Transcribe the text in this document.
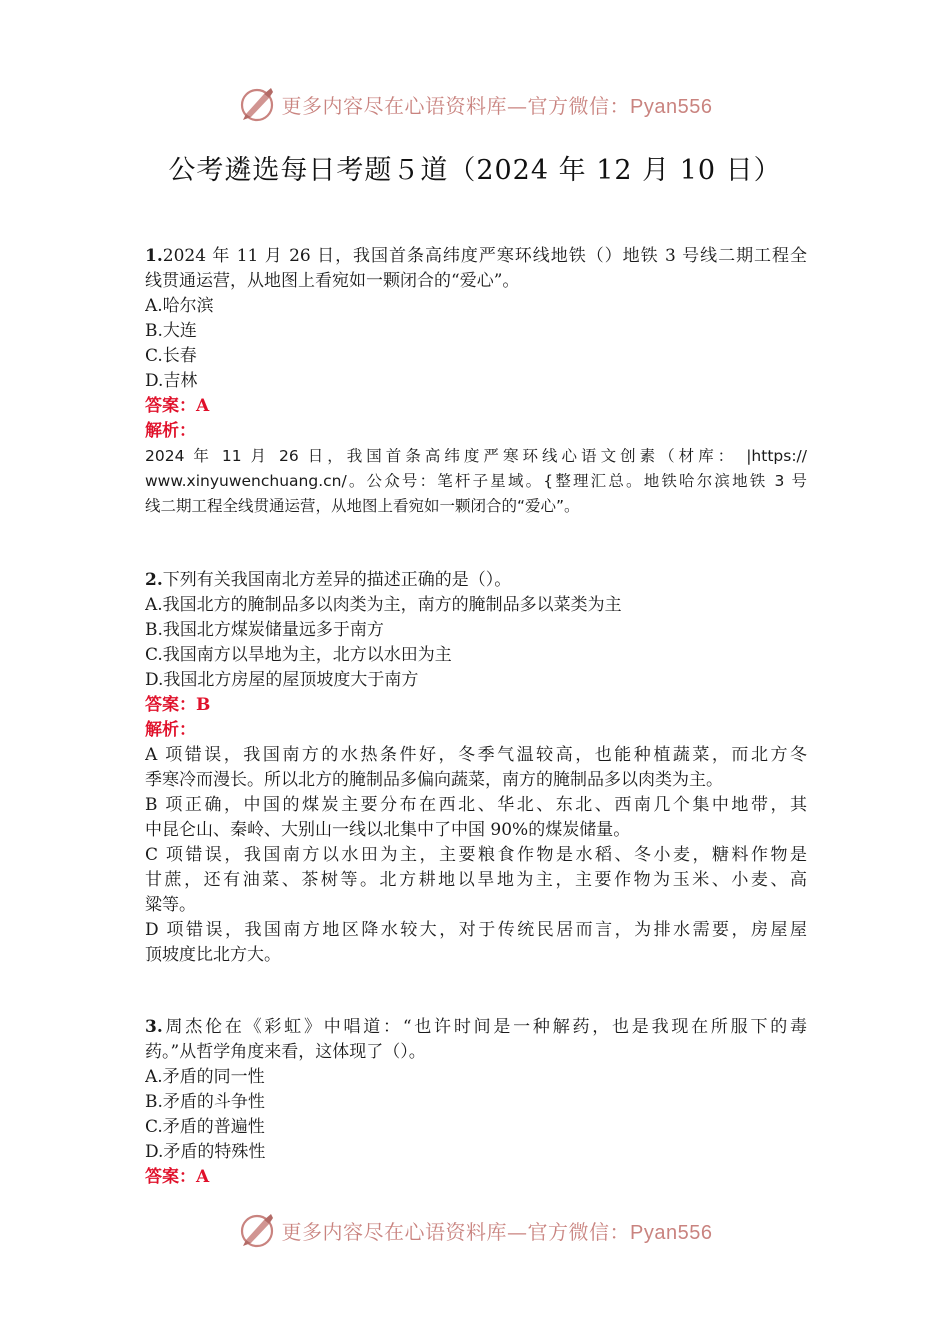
更多内容尽在心语资料库—官方微信：Pyan556
公考遴选每日考题５道（2024 年 12 月 10 日）
1.2024 年 11 月 26 日，我国首条高纬度严寒环线地铁（）地铁 3 号线二期工程全
线贯通运营，从地图上看宛如一颗闭合的“爱心”。
A.哈尔滨
B.大连
C.长春
D.吉林
答案：A
解析：
2024 年 11 月 26 日，我国首条高纬度严寒环线心语文创素（材库： |https://
www.xinyuwenchuang.cn/。公众号：笔杆子星域。{整理汇总。地铁哈尔滨地铁 3 号
线二期工程全线贯通运营，从地图上看宛如一颗闭合的“爱心”。
2.下列有关我国南北方差异的描述正确的是（）。
A.我国北方的腌制品多以肉类为主，南方的腌制品多以菜类为主
B.我国北方煤炭储量远多于南方
C.我国南方以旱地为主，北方以水田为主
D.我国北方房屋的屋顶坡度大于南方
答案：B
解析：
A 项错误，我国南方的水热条件好，冬季气温较高，也能种植蔬菜，而北方冬
季寒冷而漫长。所以北方的腌制品多偏向蔬菜，南方的腌制品多以肉类为主。
B 项正确，中国的煤炭主要分布在西北、华北、东北、西南几个集中地带，其
中昆仑山、秦岭、大别山一线以北集中了中国 90%的煤炭储量。
C 项错误，我国南方以水田为主，主要粮食作物是水稻、冬小麦，糖料作物是
甘蔗，还有油菜、茶树等。北方耕地以旱地为主，主要作物为玉米、小麦、高
粱等。
D 项错误，我国南方地区降水较大，对于传统民居而言，为排水需要，房屋屋
顶坡度比北方大。
3.周杰伦在《彩虹》中唱道：“也许时间是一种解药，也是我现在所服下的毒
药。”从哲学角度来看，这体现了（）。
A.矛盾的同一性
B.矛盾的斗争性
C.矛盾的普遍性
D.矛盾的特殊性
答案：A
更多内容尽在心语资料库—官方微信：Pyan556
